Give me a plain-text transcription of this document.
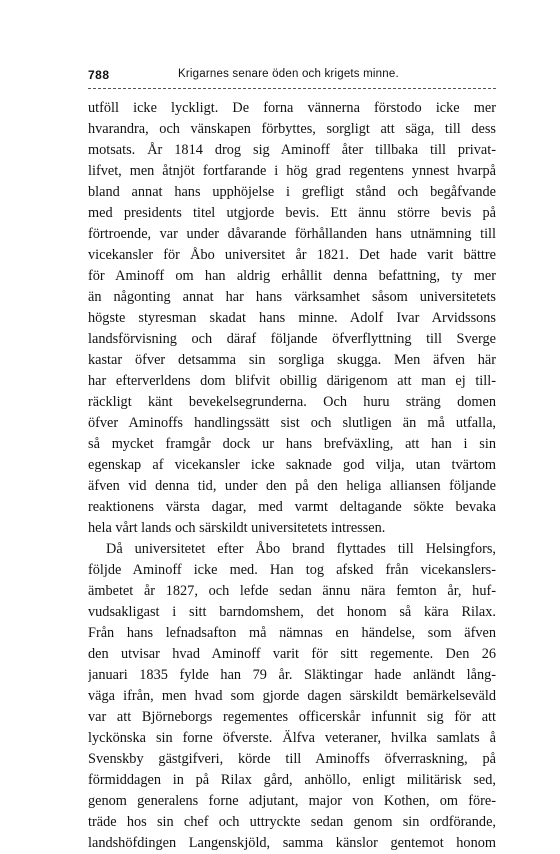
788	Krigarnes senare öden och krigets minne.
utföll icke lyckligt. De forna vännerna förstodo icke mer
hvarandra, och vänskapen förbyttes, sorgligt att säga, till dess
motsats. År 1814 drog sig Aminoff åter tillbaka till privat-
lifvet, men åtnjöt fortfarande i hög grad regentens ynnest hvarpå
bland annat hans upphöjelse i grefligt stånd och begåfvande
med presidents titel utgjorde bevis. Ett ännu större bevis på
förtroende, var under dåvarande förhållanden hans utnämning till
vicekansler för Åbo universitet år 1821. Det hade varit bättre
för Aminoff om han aldrig erhållit denna befattning, ty mer
än någonting annat har hans värksamhet såsom universitetets
högste styresman skadat hans minne. Adolf Ivar Arvidssons
landsförvisning och däraf följande öfverflyttning till Sverge
kastar öfver detsamma sin sorgliga skugga. Men äfven här
har efterverldens dom blifvit obillig därigenom att man ej till-
räckligt känt bevekelsegrunderna. Och huru sträng domen
öfver Aminoffs handlingssätt sist och slutligen än må utfalla,
så mycket framgår dock ur hans brefväxling, att han i sin
egenskap af vicekansler icke saknade god vilja, utan tvärtom
äfven vid denna tid, under den på den heliga alliansen följande
reaktionens värsta dagar, med varmt deltagande sökte bevaka
hela vårt lands och särskildt universitetets intressen.
Då universitetet efter Åbo brand flyttades till Helsingfors,
följde Aminoff icke med. Han tog afsked från vicekanslers-
ämbetet år 1827, och lefde sedan ännu nära femton år, huf-
vudsakligast i sitt barndomshem, det honom så kära Rilax.
Från hans lefnadsafton må nämnas en händelse, som äfven
den utvisar hvad Aminoff varit för sitt regemente. Den 26
januari 1835 fylde han 79 år. Släktingar hade anländt lång-
väga ifrån, men hvad som gjorde dagen särskildt bemärkelseväld
var att Björneborgs regementes officerskår infunnit sig för att
lyckönska sin forne öfverste. Älfva veteraner, hvilka samlats å
Svenskby gästgifveri, körde till Aminoffs öfverraskning, på
förmiddagen in på Rilax gård, anhöllo, enligt militärisk sed,
genom generalens forne adjutant, major von Kothen, om före-
träde hos sin chef och uttryckte sedan genom sin ordförande,
landshöfdingen Langenskjöld, samma känslor gentemot honom
